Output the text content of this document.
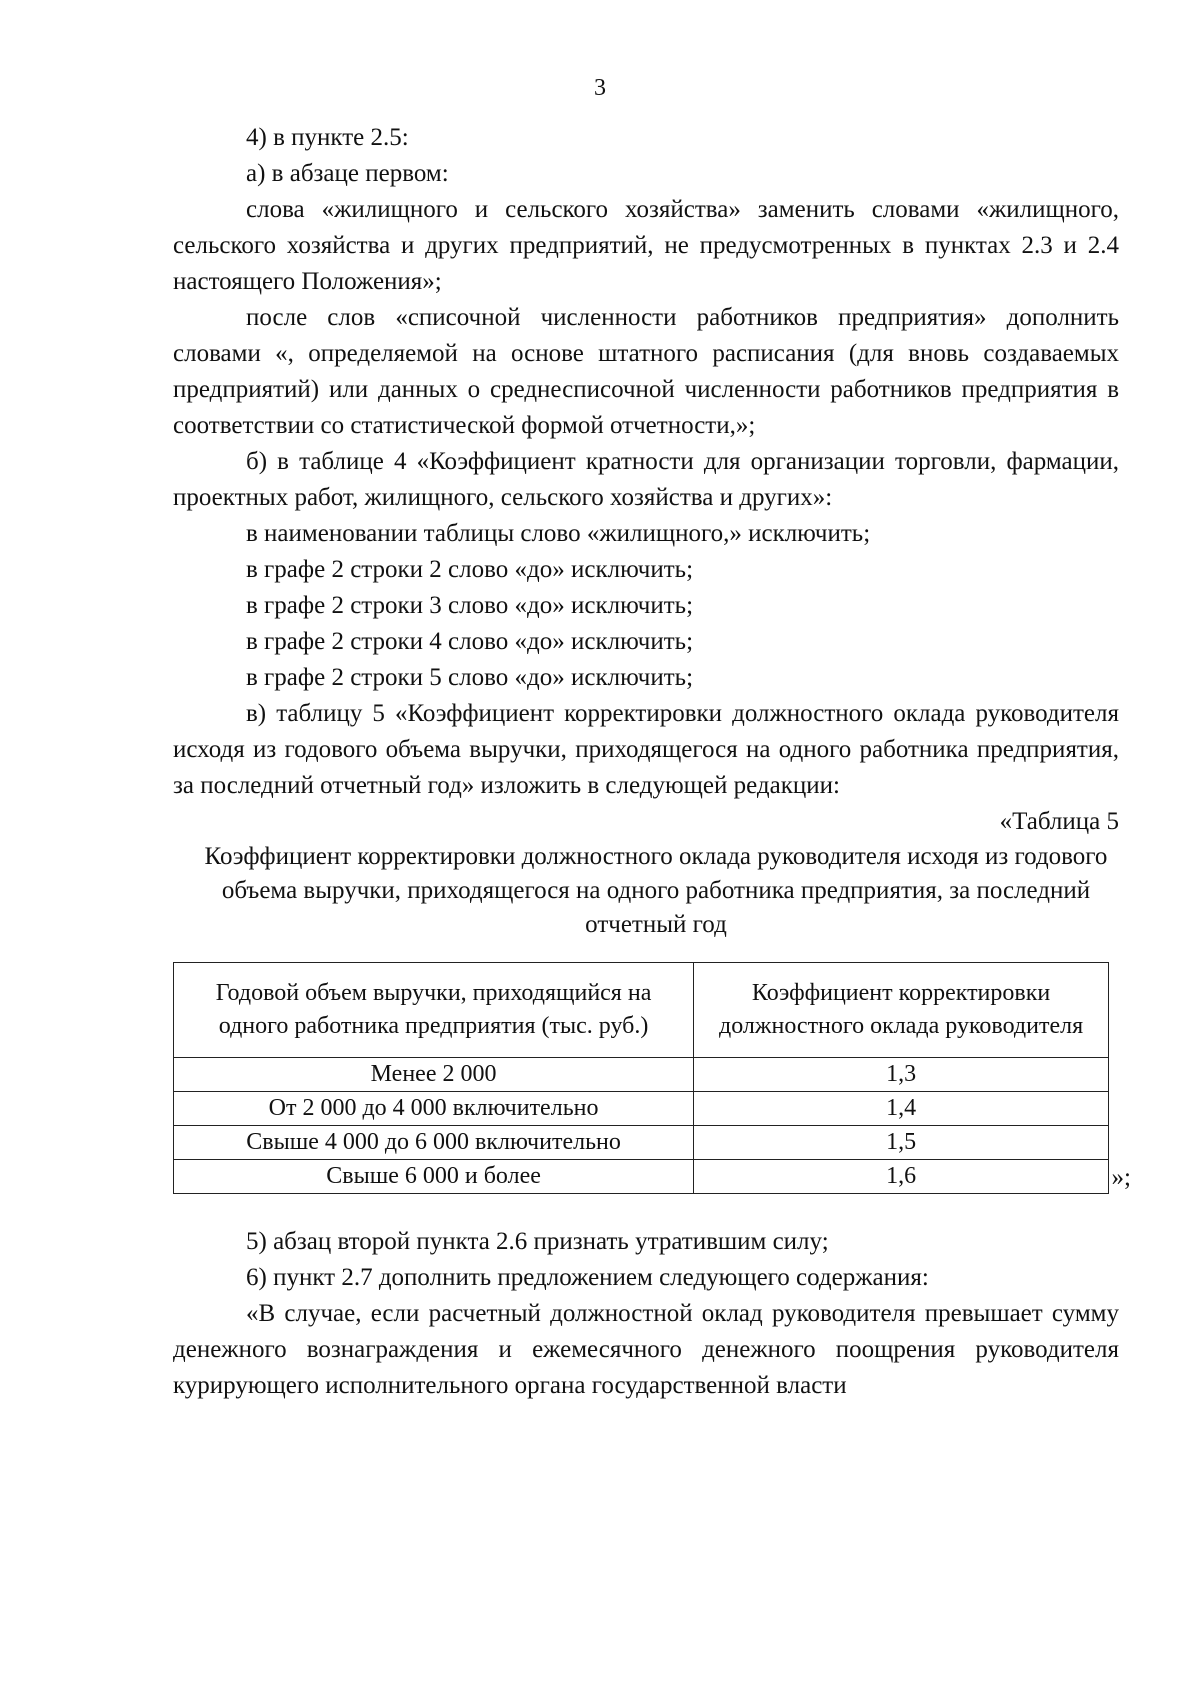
3

4) в пункте 2.5:

а) в абзаце первом:

слова «жилищного и сельского хозяйства» заменить словами «жилищного, сельского хозяйства и других предприятий, не предусмотренных в пунктах 2.3 и 2.4 настоящего Положения»;

после слов «списочной численности работников предприятия» дополнить словами «, определяемой на основе штатного расписания (для вновь создаваемых предприятий) или данных о среднесписочной численности работников предприятия в соответствии со статистической формой отчетности,»;

б) в таблице 4 «Коэффициент кратности для организации торговли, фармации, проектных работ, жилищного, сельского хозяйства и других»:

в наименовании таблицы слово «жилищного,» исключить;

в графе 2 строки 2 слово «до» исключить;

в графе 2 строки 3 слово «до» исключить;

в графе 2 строки 4 слово «до» исключить;

в графе 2 строки 5 слово «до» исключить;

в) таблицу 5 «Коэффициент корректировки должностного оклада руководителя исходя из годового объема выручки, приходящегося на одного работника предприятия, за последний отчетный год» изложить в следующей редакции:

«Таблица 5

Коэффициент корректировки должностного оклада руководителя исходя из годового объема выручки, приходящегося на одного работника предприятия, за последний отчетный год

Годовой объем выручки, приходящийся на одного работника предприятия (тыс. руб.)	Коэффициент корректировки должностного оклада руководителя
Менее 2 000	1,3
От 2 000 до 4 000 включительно	1,4
Свыше 4 000 до 6 000 включительно	1,5
Свыше 6 000 и более	1,6	»;

5) абзац второй пункта 2.6 признать утратившим силу;

6) пункт 2.7 дополнить предложением следующего содержания:

«В случае, если расчетный должностной оклад руководителя превышает сумму денежного вознаграждения и ежемесячного денежного поощрения руководителя курирующего исполнительного органа государственной власти
